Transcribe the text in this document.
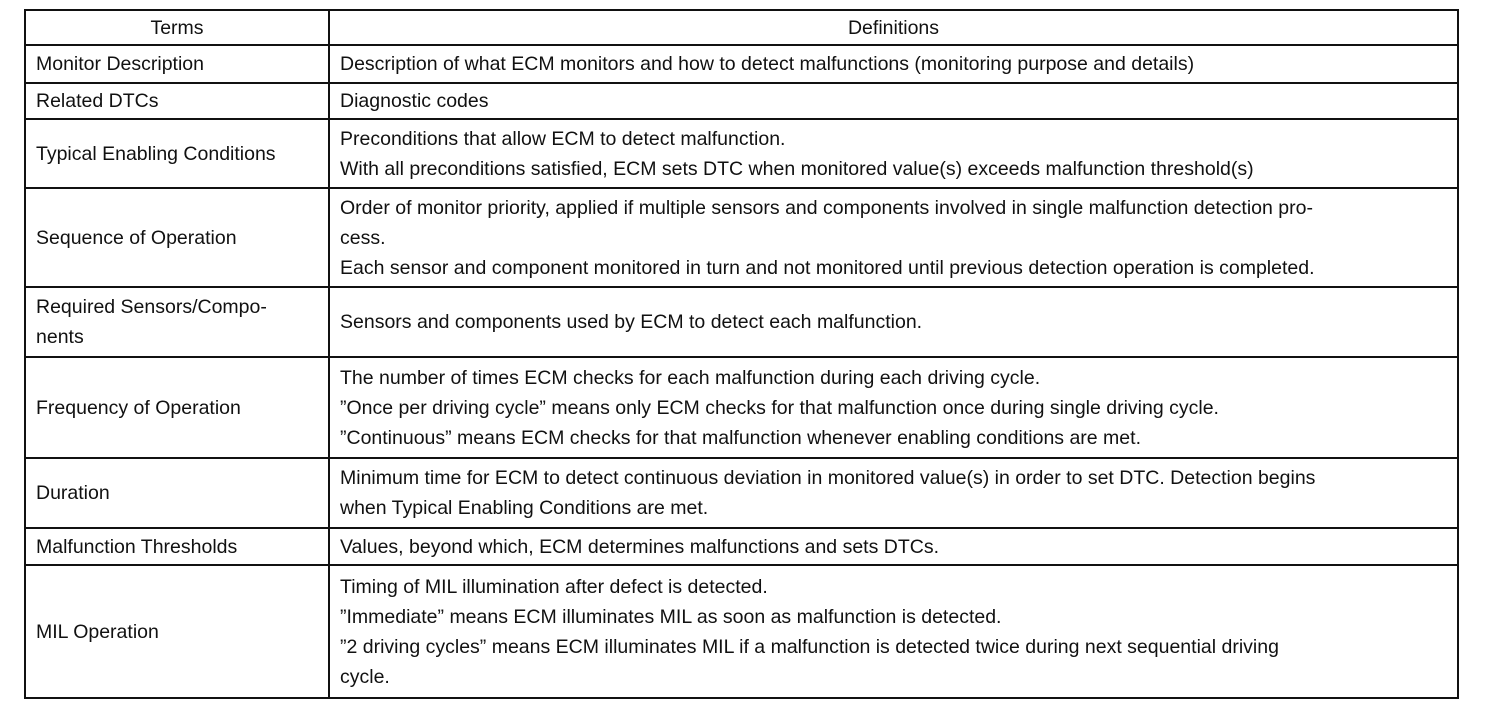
Terms	Definitions

Monitor Description	Description of what ECM monitors and how to detect malfunctions (monitoring purpose and details)

Related DTCs	Diagnostic codes

Typical Enabling Conditions	Preconditions that allow ECM to detect malfunction.
With all preconditions satisfied, ECM sets DTC when monitored value(s) exceeds malfunction threshold(s)

Sequence of Operation	Order of monitor priority, applied if multiple sensors and components involved in single malfunction detection pro-
cess.
Each sensor and component monitored in turn and not monitored until previous detection operation is completed.

Required Sensors/Compo-
nents	Sensors and components used by ECM to detect each malfunction.

Frequency of Operation	The number of times ECM checks for each malfunction during each driving cycle.
”Once per driving cycle” means only ECM checks for that malfunction once during single driving cycle.
”Continuous” means ECM checks for that malfunction whenever enabling conditions are met.

Duration	Minimum time for ECM to detect continuous deviation in monitored value(s) in order to set DTC. Detection begins
when Typical Enabling Conditions are met.

Malfunction Thresholds	Values, beyond which, ECM determines malfunctions and sets DTCs.

MIL Operation	Timing of MIL illumination after defect is detected.
”Immediate” means ECM illuminates MIL as soon as malfunction is detected.
”2 driving cycles” means ECM illuminates MIL if a malfunction is detected twice during next sequential driving
cycle.
